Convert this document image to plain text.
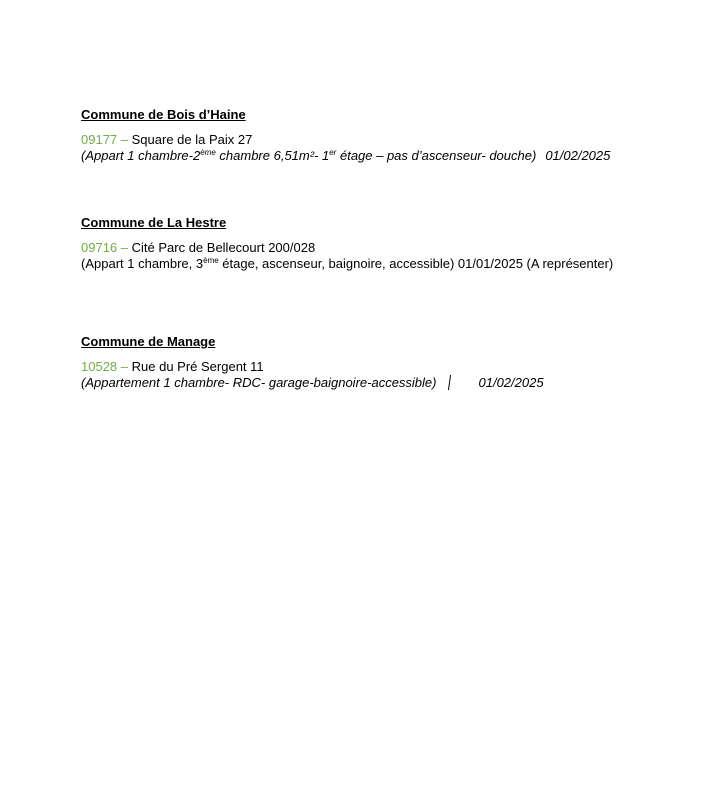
Commune de Bois d’Haine
09177 – Square de la Paix 27
(Appart 1 chambre-2ème chambre 6,51m²- 1er étage – pas d’ascenseur- douche) 01/02/2025
Commune de La Hestre
09716 – Cité Parc de Bellecourt 200/028
(Appart 1 chambre, 3ème étage, ascenseur, baignoire, accessible) 01/01/2025 (A représenter)
Commune de Manage
10528 – Rue du Pré Sergent 11
(Appartement 1 chambre- RDC- garage-baignoire-accessible)	01/02/2025
